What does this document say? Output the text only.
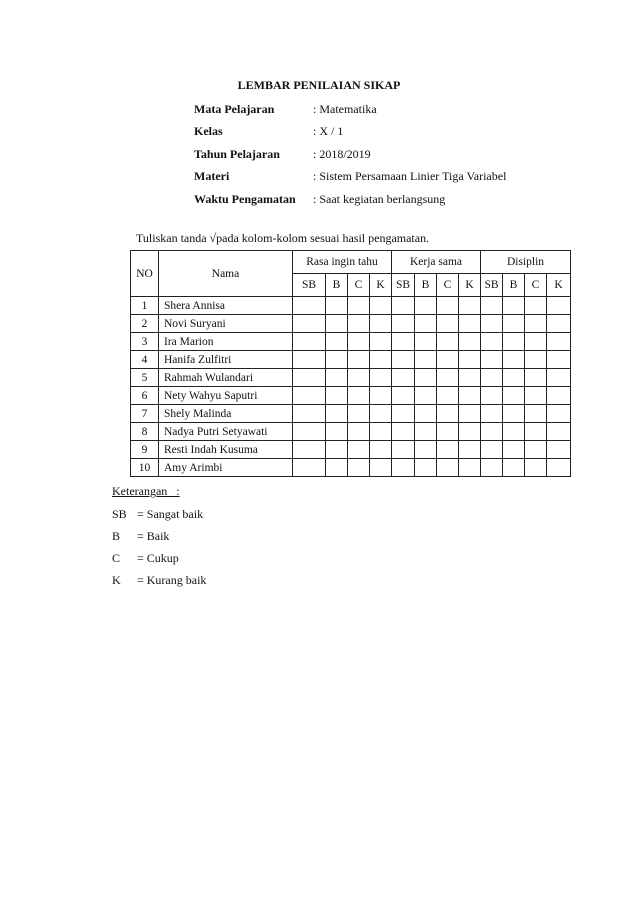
LEMBAR PENILAIAN SIKAP
Mata Pelajaran	: Matematika
Kelas	: X / 1
Tahun Pelajaran	: 2018/2019
Materi	: Sistem Persamaan Linier Tiga Variabel
Waktu Pengamatan	: Saat kegiatan berlangsung
Tuliskan tanda √pada kolom-kolom sesuai hasil pengamatan.
NO	Nama	Rasa ingin tahu				Kerja sama				Disiplin			
		SB	B	C	K	SB	B	C	K	SB	B	C	K
1	Shera Annisa												
2	Novi Suryani												
3	Ira Marion												
4	Hanifa Zulfitri												
5	Rahmah Wulandari												
6	Nety Wahyu Saputri												
7	Shely Malinda												
8	Nadya Putri Setyawati												
9	Resti Indah Kusuma												
10	Amy Arimbi												
Keterangan   :
SB = Sangat baik
B = Baik
C = Cukup
K = Kurang baik
